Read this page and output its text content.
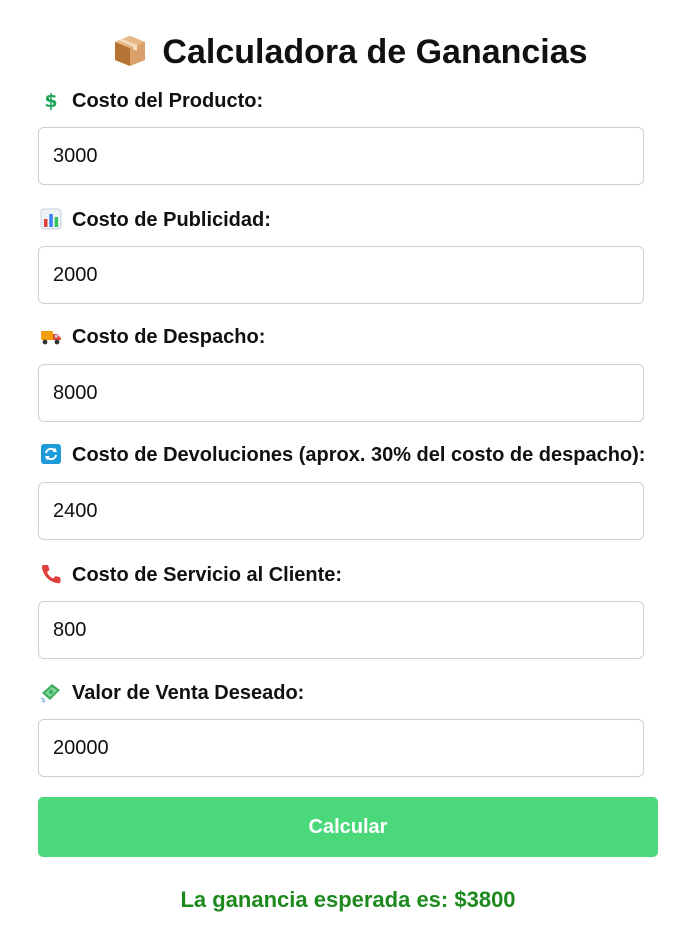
Calculadora de Ganancias
$ Costo del Producto:
3000
Costo de Publicidad:
2000
Costo de Despacho:
8000
Costo de Devoluciones (aprox. 30% del costo de despacho):
2400
Costo de Servicio al Cliente:
800
Valor de Venta Deseado:
20000
Calcular
La ganancia esperada es: $3800
